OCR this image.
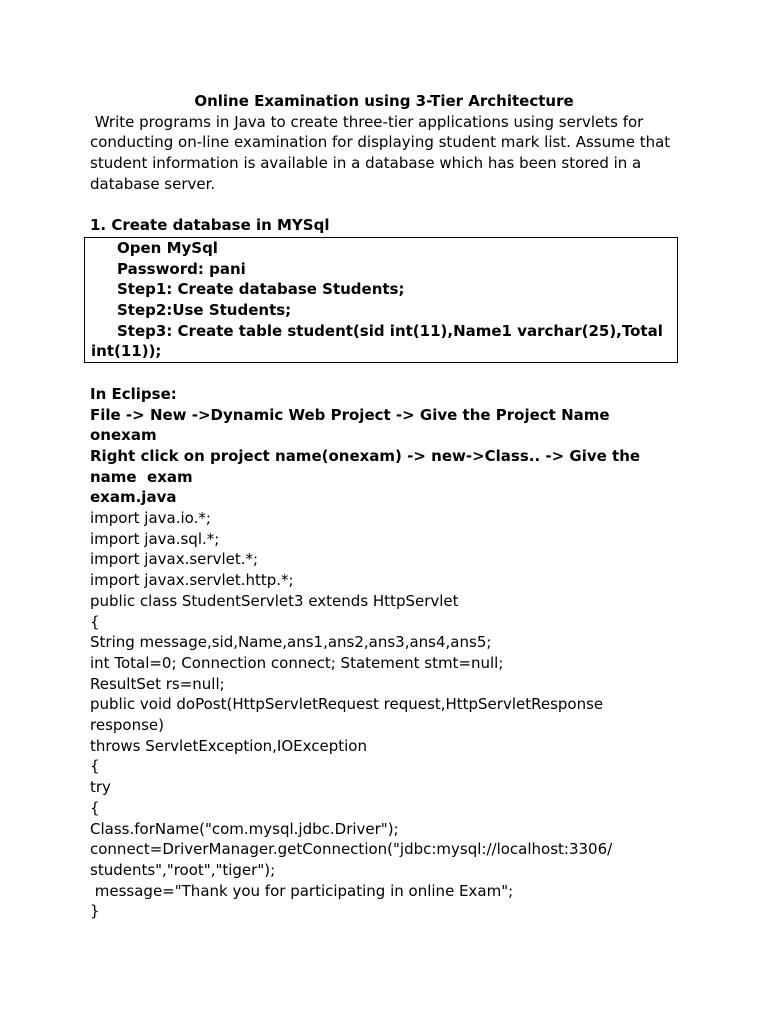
Online Examination using 3-Tier Architecture

Write programs in Java to create three-tier applications using servlets for
conducting on-line examination for displaying student mark list. Assume that
student information is available in a database which has been stored in a
database server.
1. Create database in MYSql
Open MySql
Password: pani
Step1: Create database Students;
Step2:Use Students;
Step3: Create table student(sid int(11),Name1 varchar(25),Total
int(11));
In Eclipse:
File -> New ->Dynamic Web Project -> Give the Project Name
onexam
Right click on project name(onexam) -> new->Class.. -> Give the
name  exam
exam.java
import java.io.*;
import java.sql.*;
import javax.servlet.*;
import javax.servlet.http.*;
public class StudentServlet3 extends HttpServlet
{
String message,sid,Name,ans1,ans2,ans3,ans4,ans5;
int Total=0; Connection connect; Statement stmt=null;
ResultSet rs=null;
public void doPost(HttpServletRequest request,HttpServletResponse
response)
throws ServletException,IOException
{
try
{
Class.forName("com.mysql.jdbc.Driver");
connect=DriverManager.getConnection("jdbc:mysql://localhost:3306/
students","root","tiger");
message="Thank you for participating in online Exam";
}
